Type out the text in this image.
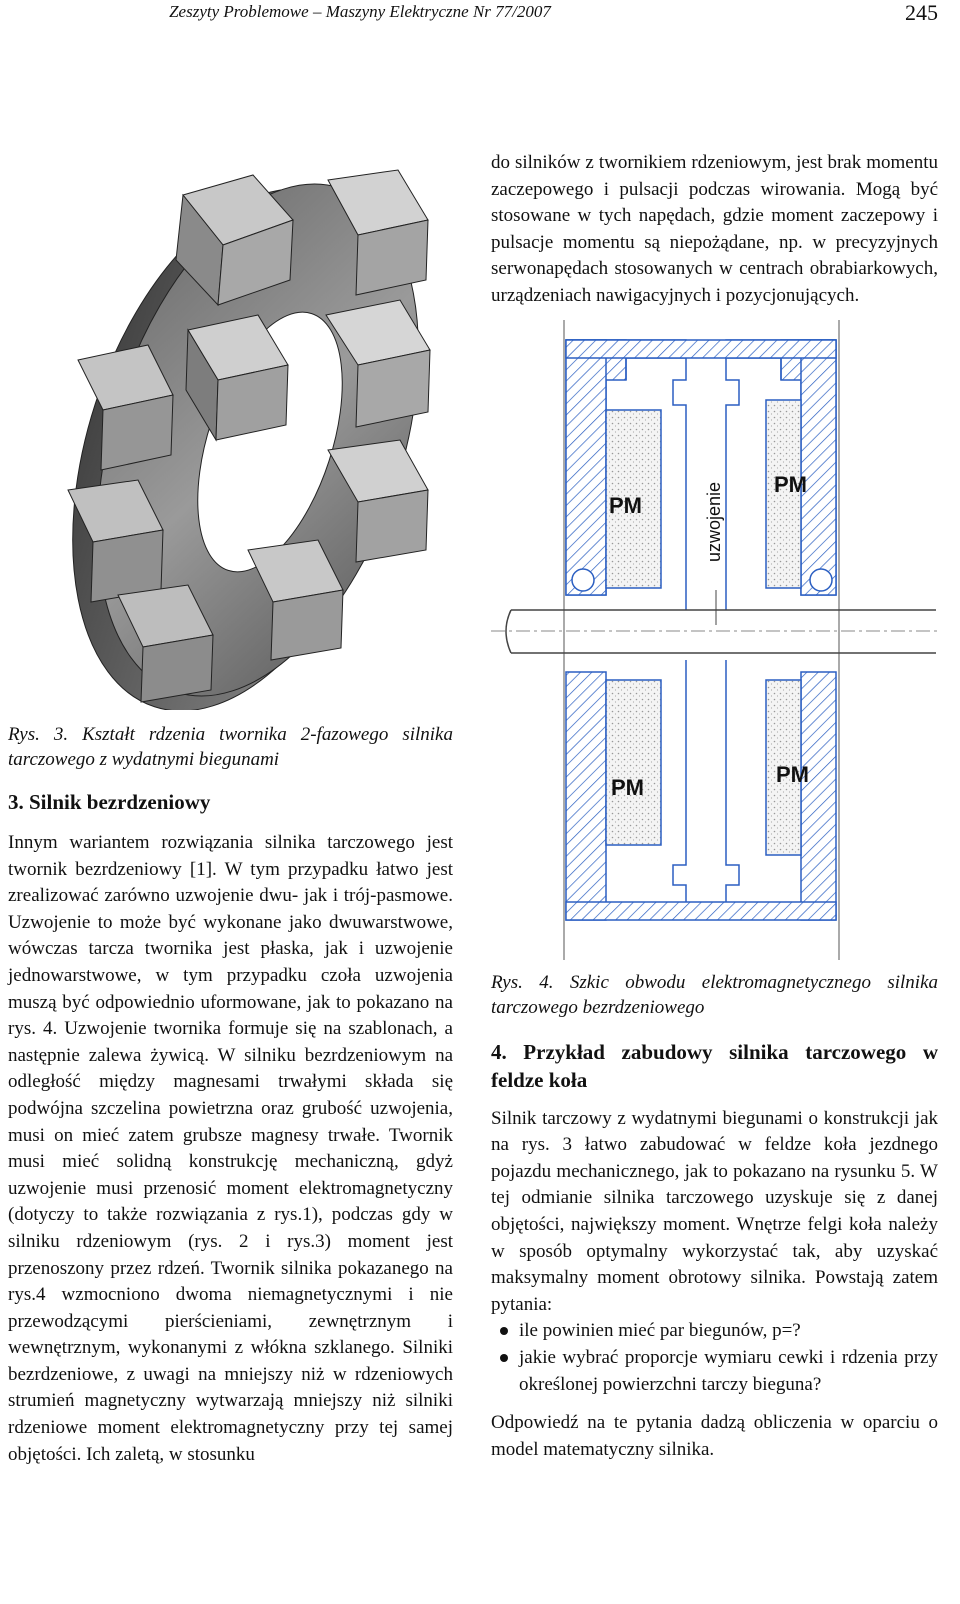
Zeszyty Problemowe – Maszyny Elektryczne Nr 77/2007	245
Rys. 3. Kształt rdzenia twornika 2-fazowego silnika tarczowego z wydatnymi biegunami
3. Silnik bezrdzeniowy

Innym wariantem rozwiązania silnika tarczowego jest twornik bezrdzeniowy [1]. W tym przypadku łatwo jest zrealizować zarówno uzwojenie dwu- jak i trój-pasmowe. Uzwojenie to może być wykonane jako dwuwarstwowe, wówczas tarcza twornika jest płaska, jak i uzwojenie jednowarstwowe, w tym przypadku czoła uzwojenia muszą być odpowiednio uformowane, jak to pokazano na rys. 4. Uzwojenie twornika formuje się na szablonach, a następnie zalewa żywicą. W silniku bezrdzeniowym na odległość między magnesami trwałymi składa się podwójna szczelina powietrzna oraz grubość uzwojenia, musi on mieć zatem grubsze magnesy trwałe. Twornik musi mieć solidną konstrukcję mechaniczną, gdyż uzwojenie musi przenosić moment elektromagnetyczny (dotyczy to także rozwiązania z rys.1), podczas gdy w silniku rdzeniowym (rys. 2 i rys.3) moment jest przenoszony przez rdzeń. Twornik silnika pokazanego na rys.4 wzmocniono dwoma niemagnetycznymi i nie przewodzącymi pierścieniami, zewnętrznym i wewnętrznym, wykonanymi z włókna szklanego. Silniki bezrdzeniowe, z uwagi na mniejszy niż w rdzeniowych strumień magnetyczny wytwarzają mniejszy niż silniki rdzeniowe moment elektromagnetyczny przy tej samej objętości. Ich zaletą, w stosunku

do silników z twornikiem rdzeniowym, jest brak momentu zaczepowego i pulsacji podczas wirowania. Mogą być stosowane w tych napędach, gdzie moment zaczepowy i pulsacje momentu są niepożądane, np. w precyzyjnych serwonapędach stosowanych w centrach obrabiarkowych, urządzeniach nawigacyjnych i pozycjonujących.

PM
PM
uzwojenie
PM
PM
Rys. 4. Szkic obwodu elektromagnetycznego silnika tarczowego bezrdzeniowego
4. Przykład zabudowy silnika tarczowego w feldze koła

Silnik tarczowy z wydatnymi biegunami o konstrukcji jak na rys. 3 łatwo zabudować w feldze koła jezdnego pojazdu mechanicznego, jak to pokazano na rysunku 5. W tej odmianie silnika tarczowego uzyskuje się z danej objętości, największy moment. Wnętrze felgi koła należy w sposób optymalny wykorzystać tak, aby uzyskać maksymalny moment obrotowy silnika. Powstają zatem pytania:

ile powinien mieć par biegunów, p=?
jakie wybrać proporcje wymiaru cewki i rdzenia przy określonej powierzchni tarczy bieguna?

Odpowiedź na te pytania dadzą obliczenia w oparciu o model matematyczny silnika.
